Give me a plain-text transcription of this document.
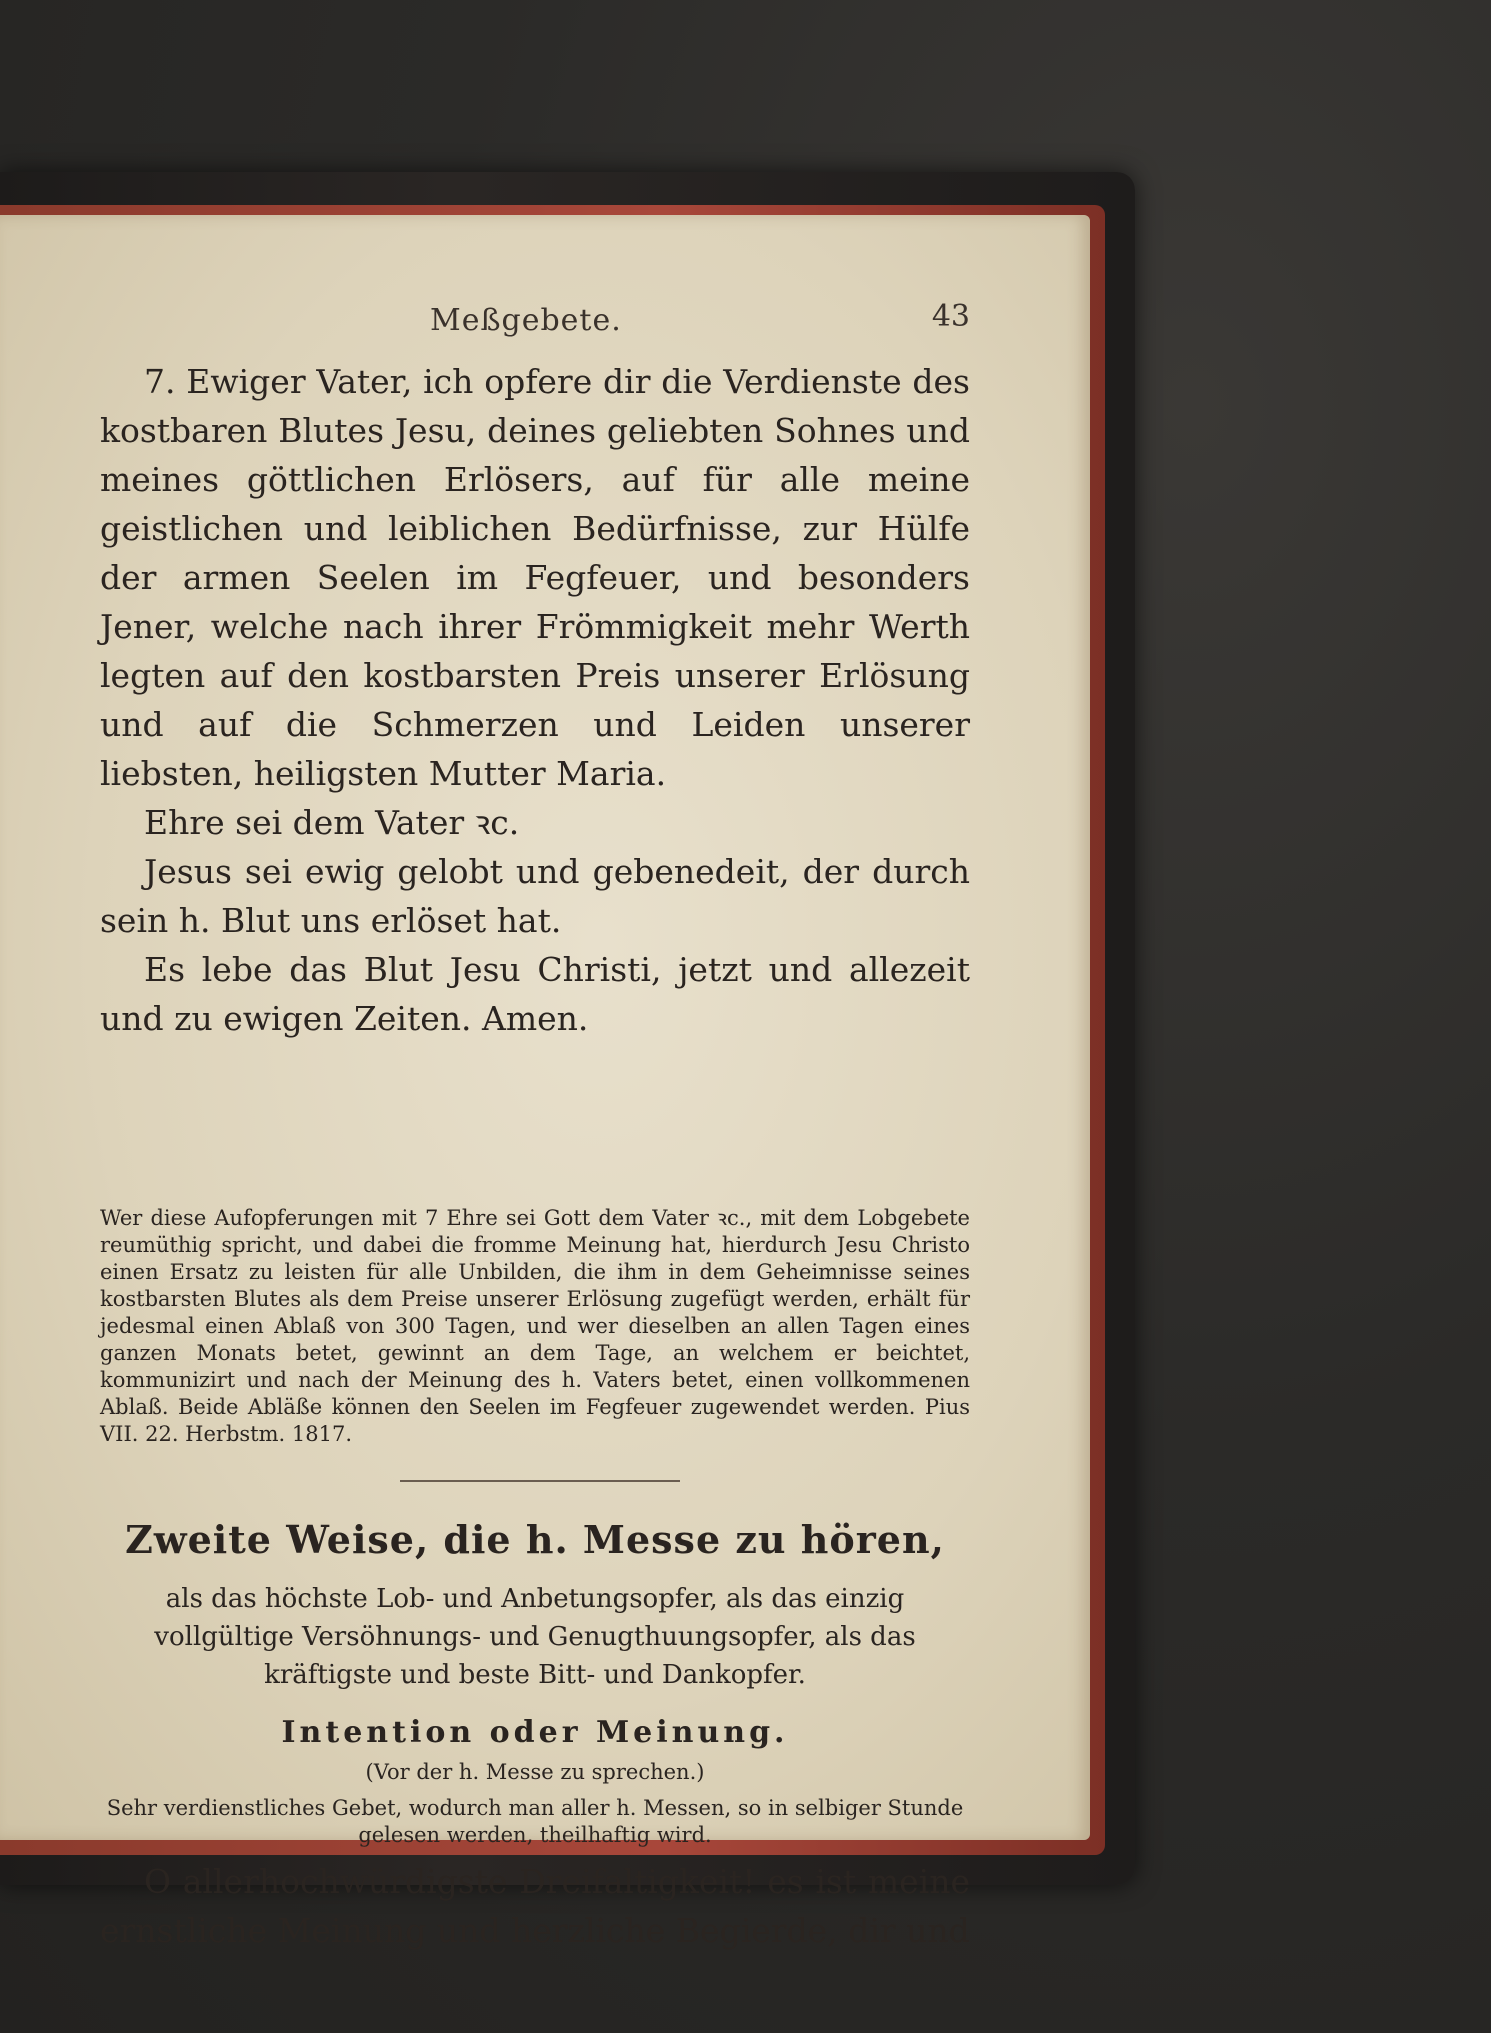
Meßgebete.	43

7. Ewiger Vater, ich opfere dir die Verdienste des kostbaren Blutes Jesu, deines geliebten Sohnes und meines göttlichen Erlösers, auf für alle meine geistlichen und leiblichen Bedürfnisse, zur Hülfe der armen Seelen im Fegfeuer, und besonders Jener, welche nach ihrer Frömmigkeit mehr Werth legten auf den kostbarsten Preis unserer Erlösung und auf die Schmerzen und Leiden unserer liebsten, heiligsten Mutter Maria.

Ehre sei dem Vater ꝛc.

Jesus sei ewig gelobt und gebenedeit, der durch sein h. Blut uns erlöset hat.

Es lebe das Blut Jesu Christi, jetzt und allezeit und zu ewigen Zeiten. Amen.

Wer diese Aufopferungen mit 7 Ehre sei Gott dem Vater ꝛc., mit dem Lobgebete reumüthig spricht, und dabei die fromme Meinung hat, hierdurch Jesu Christo einen Ersatz zu leisten für alle Unbilden, die ihm in dem Geheimnisse seines kostbarsten Blutes als dem Preise unserer Erlösung zugefügt werden, erhält für jedesmal einen Ablaß von 300 Tagen, und wer dieselben an allen Tagen eines ganzen Monats betet, gewinnt an dem Tage, an welchem er beichtet, kommunizirt und nach der Meinung des h. Vaters betet, einen vollkommenen Ablaß. Beide Abläße können den Seelen im Fegfeuer zugewendet werden. Pius VII. 22. Herbstm. 1817.

Zweite Weise, die h. Messe zu hören,
als das höchste Lob- und Anbetungsopfer, als das einzig vollgültige Versöhnungs- und Genugthuungsopfer, als das kräftigste und beste Bitt- und Dankopfer.
Intention oder Meinung.
(Vor der h. Messe zu sprechen.)
Sehr verdienstliches Gebet, wodurch man aller h. Messen, so in selbiger Stunde gelesen werden, theilhaftig wird.

O allerhochwürdigste Dreifaltigkeit! es ist meine ernstliche Meinung und herzliche Begierde, dir und
